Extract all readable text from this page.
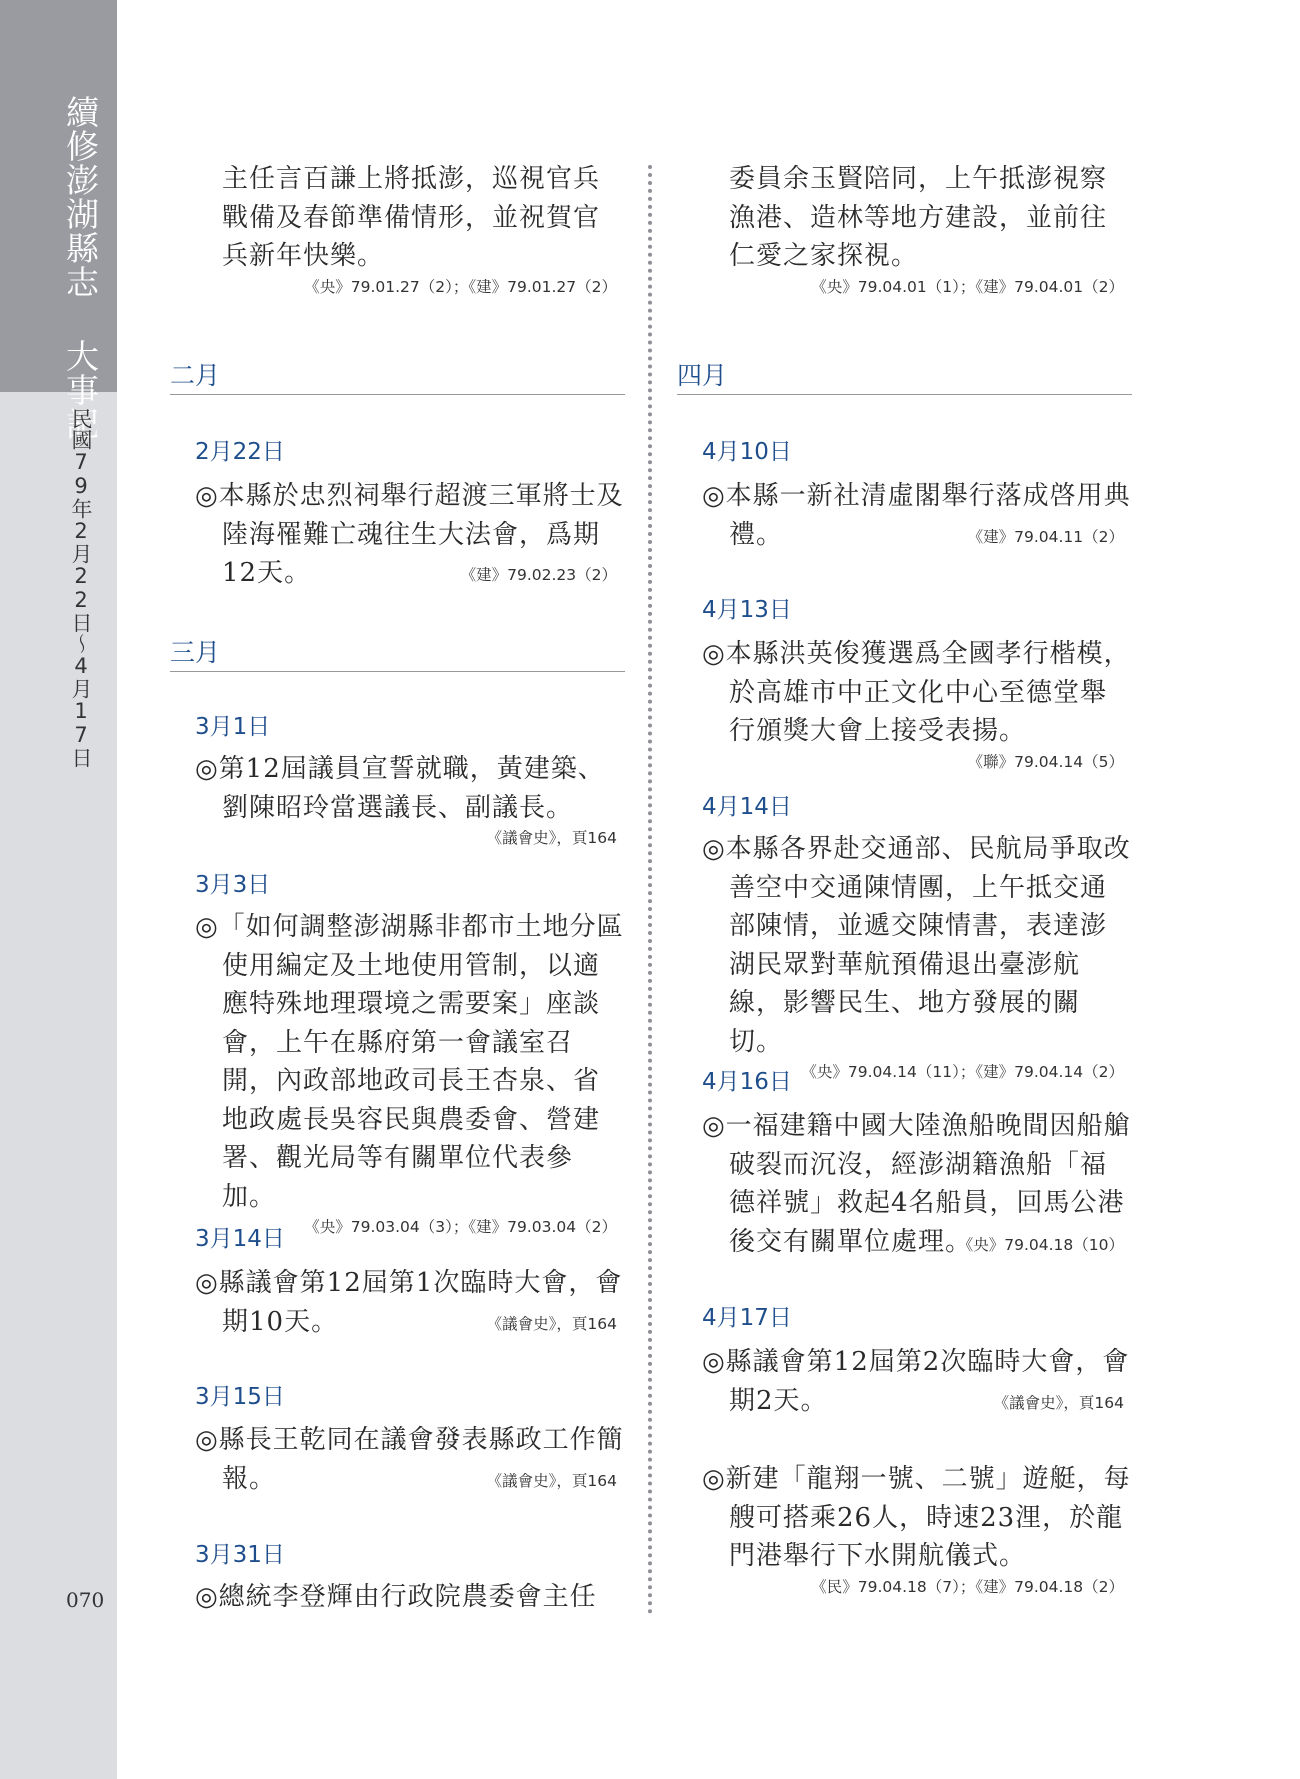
續修澎湖縣志 大事記
民國79年2月22日〜4月17日
070

主任言百謙上將抵澎，巡視官兵戰備及春節準備情形，並祝賀官兵新年快樂。

《央》79.01.27（2）；《建》79.01.27（2）

二月
2月22日

◎本縣於忠烈祠舉行超渡三軍將士及陸海罹難亡魂往生大法會，爲期12天。	《建》79.02.23（2）
三月
3月1日

◎第12屆議員宣誓就職，黃建築、劉陳昭玲當選議長、副議長。

《議會史》，頁164

3月3日

◎「如何調整澎湖縣非都市土地分區使用編定及土地使用管制，以適應特殊地理環境之需要案」座談會，上午在縣府第一會議室召開，內政部地政司長王杏泉、省地政處長吳容民與農委會、營建署、觀光局等有關單位代表參加。

《央》79.03.04（3）；《建》79.03.04（2）

3月14日

◎縣議會第12屆第1次臨時大會，會期10天。	《議會史》，頁164
3月15日

◎縣長王乾同在議會發表縣政工作簡報。	《議會史》，頁164
3月31日

◎總統李登輝由行政院農委會主任

委員余玉賢陪同，上午抵澎視察漁港、造林等地方建設，並前往仁愛之家探視。

《央》79.04.01（1）；《建》79.04.01（2）

四月
4月10日

◎本縣一新社清虛閣舉行落成啓用典禮。	《建》79.04.11（2）
4月13日

◎本縣洪英俊獲選爲全國孝行楷模，於高雄市中正文化中心至德堂舉行頒獎大會上接受表揚。

《聯》79.04.14（5）

4月14日

◎本縣各界赴交通部、民航局爭取改善空中交通陳情團，上午抵交通部陳情，並遞交陳情書，表達澎湖民眾對華航預備退出臺澎航線，影響民生、地方發展的關切。

《央》79.04.14（11）；《建》79.04.14（2）

4月16日

◎一福建籍中國大陸漁船晚間因船艙破裂而沉沒，經澎湖籍漁船「福德祥號」救起4名船員，回馬公港後交有關單位處理。

《央》79.04.18（10）
4月17日

◎縣議會第12屆第2次臨時大會，會期2天。	《議會史》，頁164

◎新建「龍翔一號、二號」遊艇，每艘可搭乘26人，時速23浬，於龍門港舉行下水開航儀式。

《民》79.04.18（7）；《建》79.04.18（2）
